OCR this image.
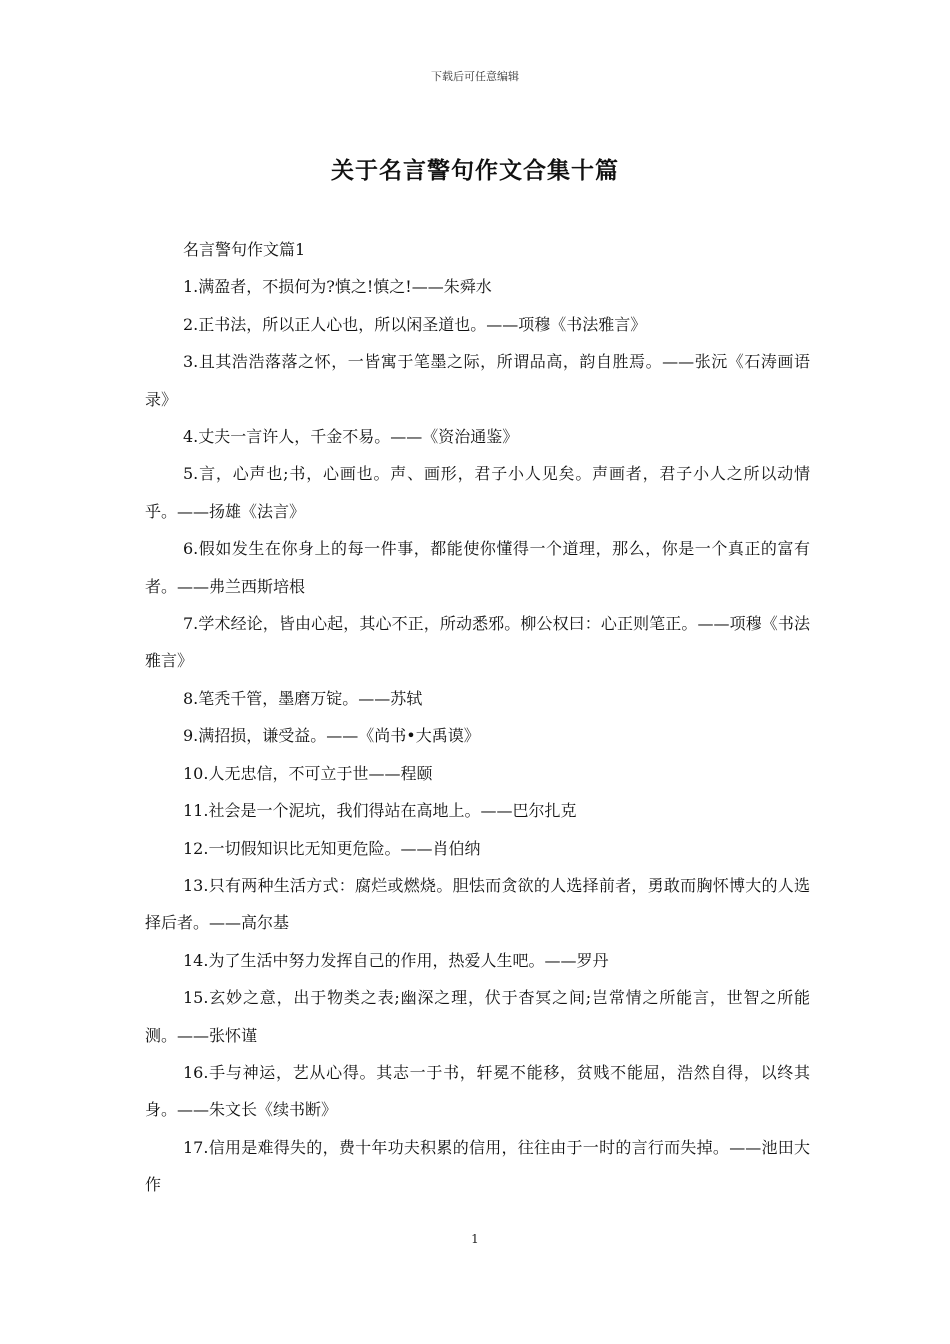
下载后可任意编辑
关于名言警句作文合集十篇

名言警句作文篇1

1.满盈者，不损何为?慎之!慎之!——朱舜水

2.正书法，所以正人心也，所以闲圣道也。——项穆《书法雅言》

3.且其浩浩落落之怀，一皆寓于笔墨之际，所谓品高，韵自胜焉。——张沅《石涛画语录》

4.丈夫一言许人，千金不易。——《资治通鉴》

5.言，心声也;书，心画也。声、画形，君子小人见矣。声画者，君子小人之所以动情乎。——扬雄《法言》

6.假如发生在你身上的每一件事，都能使你懂得一个道理，那么，你是一个真正的富有者。——弗兰西斯培根

7.学术经论，皆由心起，其心不正，所动悉邪。柳公权曰：心正则笔正。——项穆《书法雅言》

8.笔秃千管，墨磨万锭。——苏轼

9.满招损，谦受益。——《尚书•大禹谟》

10.人无忠信，不可立于世——程颐

11.社会是一个泥坑，我们得站在高地上。——巴尔扎克

12.一切假知识比无知更危险。——肖伯纳

13.只有两种生活方式：腐烂或燃烧。胆怯而贪欲的人选择前者，勇敢而胸怀博大的人选择后者。——高尔基

14.为了生活中努力发挥自己的作用，热爱人生吧。——罗丹

15.玄妙之意，出于物类之表;幽深之理，伏于杳冥之间;岂常情之所能言，世智之所能测。——张怀谨

16.手与神运，艺从心得。其志一于书，轩冕不能移，贫贱不能屈，浩然自得，以终其身。——朱文长《续书断》

17.信用是难得失的，费十年功夫积累的信用，往往由于一时的言行而失掉。——池田大作

1
